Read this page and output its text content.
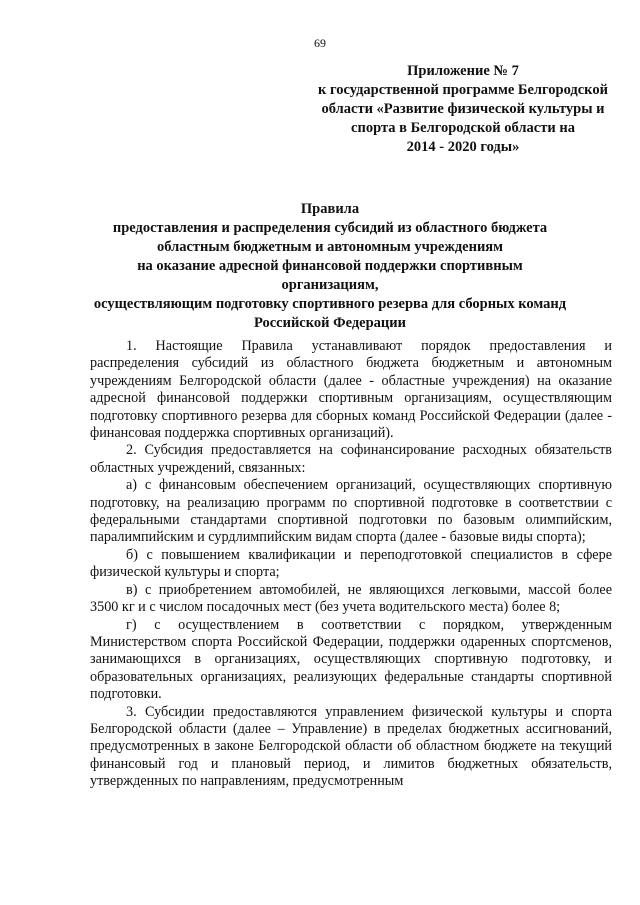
69
Приложение № 7
к государственной программе Белгородской
области «Развитие физической культуры и
спорта в Белгородской области на
2014 - 2020 годы»
Правила
предоставления и распределения субсидий из областного бюджета
областным бюджетным и автономным учреждениям
на оказание адресной финансовой поддержки спортивным организациям,
осуществляющим подготовку спортивного резерва для сборных команд
Российской Федерации

1. Настоящие Правила устанавливают порядок предоставления и распределения субсидий из областного бюджета бюджетным и автономным учреждениям Белгородской области (далее - областные учреждения) на оказание адресной финансовой поддержки спортивным организациям, осуществляющим подготовку спортивного резерва для сборных команд Российской Федерации (далее - финансовая поддержка спортивных организаций).

2. Субсидия предоставляется на софинансирование расходных обязательств областных учреждений, связанных:

а) с финансовым обеспечением организаций, осуществляющих спортивную подготовку, на реализацию программ по спортивной подготовке в соответствии с федеральными стандартами спортивной подготовки по базовым олимпийским, паралимпийским и сурдлимпийским видам спорта (далее - базовые виды спорта);

б) с повышением квалификации и переподготовкой специалистов в сфере физической культуры и спорта;

в) с приобретением автомобилей, не являющихся легковыми, массой более 3500 кг и с числом посадочных мест (без учета водительского места) более 8;

г) с осуществлением в соответствии с порядком, утвержденным Министерством спорта Российской Федерации, поддержки одаренных спортсменов, занимающихся в организациях, осуществляющих спортивную подготовку, и образовательных организациях, реализующих федеральные стандарты спортивной подготовки.

3. Субсидии предоставляются управлением физической культуры и спорта Белгородской области (далее – Управление) в пределах бюджетных ассигнований, предусмотренных в законе Белгородской области об областном бюджете на текущий финансовый год и плановый период, и лимитов бюджетных обязательств, утвержденных по направлениям, предусмотренным
